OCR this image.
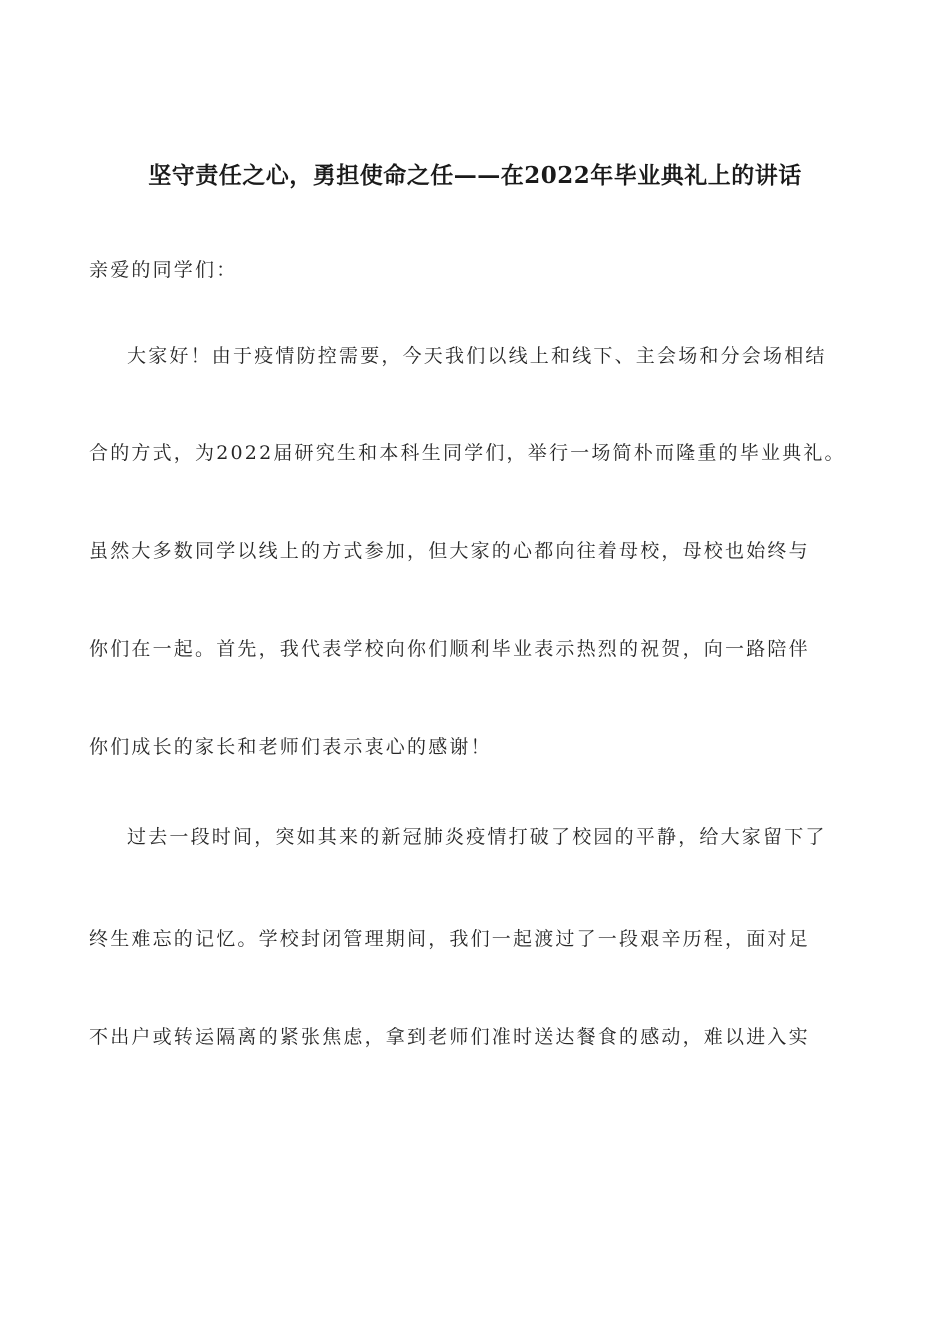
坚守责任之心，勇担使命之任——在2022年毕业典礼上的讲话
亲爱的同学们：
大家好！由于疫情防控需要，今天我们以线上和线下、主会场和分会场相结
合的方式，为2022届研究生和本科生同学们，举行一场简朴而隆重的毕业典礼。
虽然大多数同学以线上的方式参加，但大家的心都向往着母校，母校也始终与
你们在一起。首先，我代表学校向你们顺利毕业表示热烈的祝贺，向一路陪伴
你们成长的家长和老师们表示衷心的感谢！
过去一段时间，突如其来的新冠肺炎疫情打破了校园的平静，给大家留下了
终生难忘的记忆。学校封闭管理期间，我们一起渡过了一段艰辛历程，面对足
不出户或转运隔离的紧张焦虑，拿到老师们准时送达餐食的感动，难以进入实
